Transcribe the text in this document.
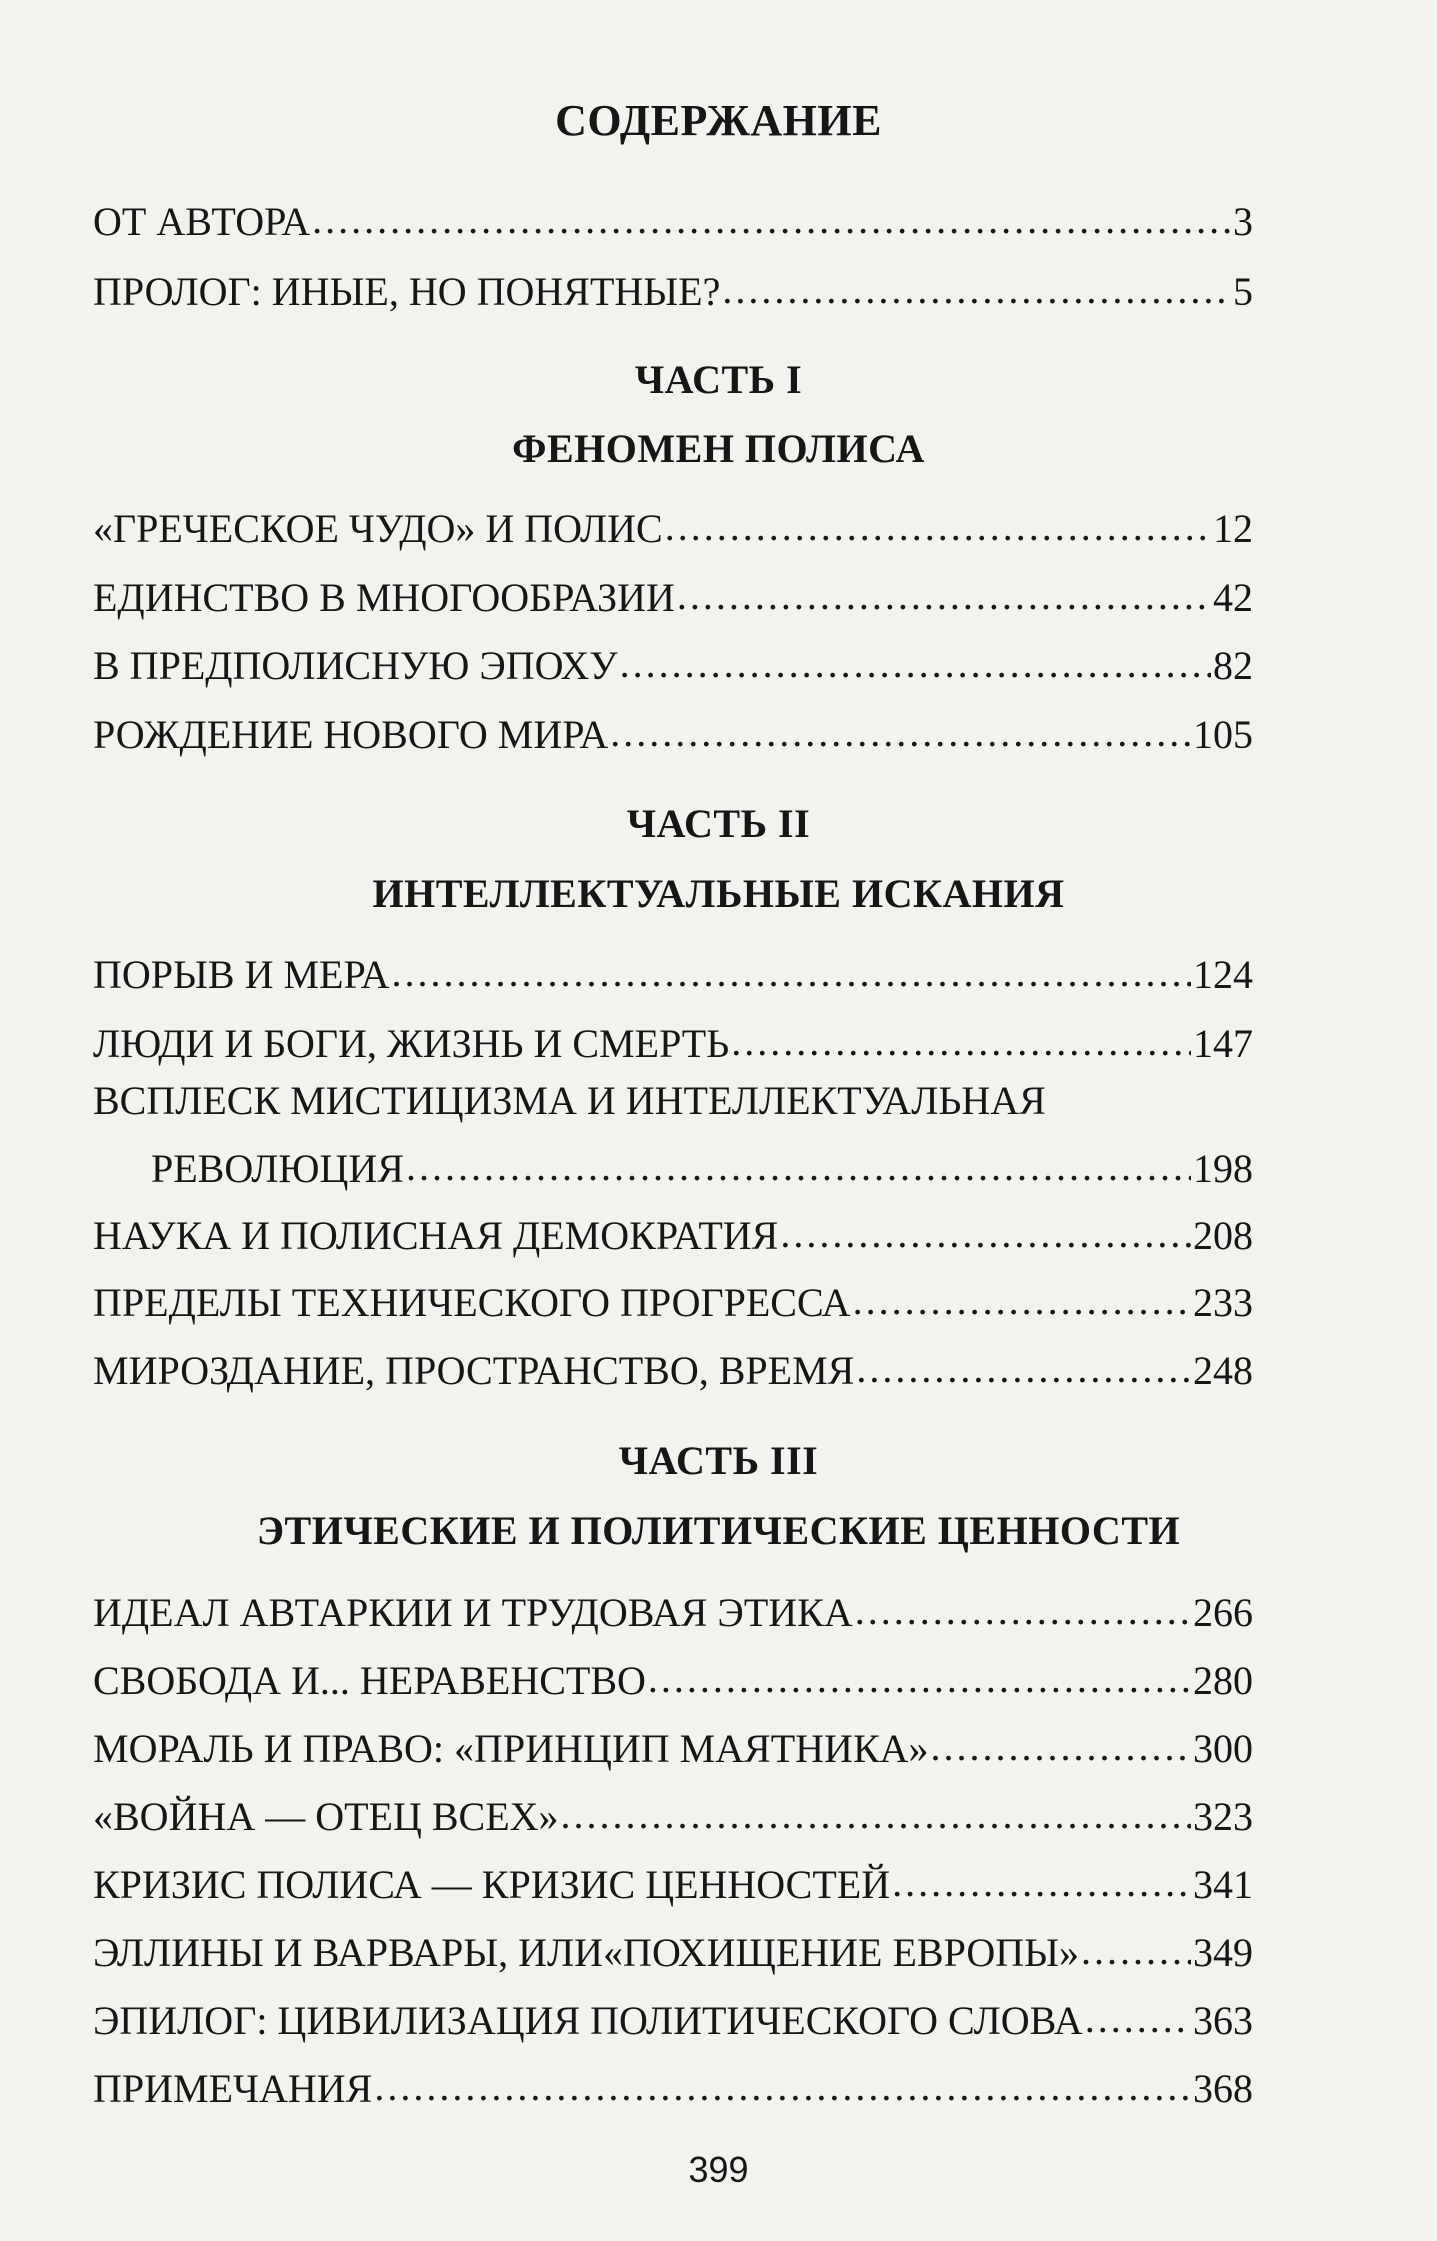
СОДЕРЖАНИЕ
ОТ АВТОРА .....	3
ПРОЛОГ: ИНЫЕ, НО ПОНЯТНЫЕ? .....	5
ЧАСТЬ I
ФЕНОМЕН ПОЛИСА
«ГРЕЧЕСКОЕ ЧУДО» И ПОЛИС .....	12
ЕДИНСТВО В МНОГООБРАЗИИ .....	42
В ПРЕДПОЛИСНУЮ ЭПОХУ .....	82
РОЖДЕНИЕ НОВОГО МИРА .....	105
ЧАСТЬ II
ИНТЕЛЛЕКТУАЛЬНЫЕ ИСКАНИЯ
ПОРЫВ И МЕРА .....	124
ЛЮДИ И БОГИ, ЖИЗНЬ И СМЕРТЬ .....	147
ВСПЛЕСК МИСТИЦИЗМА И ИНТЕЛЛЕКТУАЛЬНАЯ
РЕВОЛЮЦИЯ .....	198
НАУКА И ПОЛИСНАЯ ДЕМОКРАТИЯ .....	208
ПРЕДЕЛЫ ТЕХНИЧЕСКОГО ПРОГРЕССА .....	233
МИРОЗДАНИЕ, ПРОСТРАНСТВО, ВРЕМЯ .....	248
ЧАСТЬ III
ЭТИЧЕСКИЕ И ПОЛИТИЧЕСКИЕ ЦЕННОСТИ
ИДЕАЛ АВТАРКИИ И ТРУДОВАЯ ЭТИКА .....	266
СВОБОДА И... НЕРАВЕНСТВО .....	280
МОРАЛЬ И ПРАВО: «ПРИНЦИП МАЯТНИКА» .....	300
«ВОЙНА — ОТЕЦ ВСЕХ» .....	323
КРИЗИС ПОЛИСА — КРИЗИС ЦЕННОСТЕЙ .....	341
ЭЛЛИНЫ И ВАРВАРЫ, ИЛИ«ПОХИЩЕНИЕ ЕВРОПЫ» .....	349
ЭПИЛОГ: ЦИВИЛИЗАЦИЯ ПОЛИТИЧЕСКОГО СЛОВА .....	363
ПРИМЕЧАНИЯ .....	368
399
